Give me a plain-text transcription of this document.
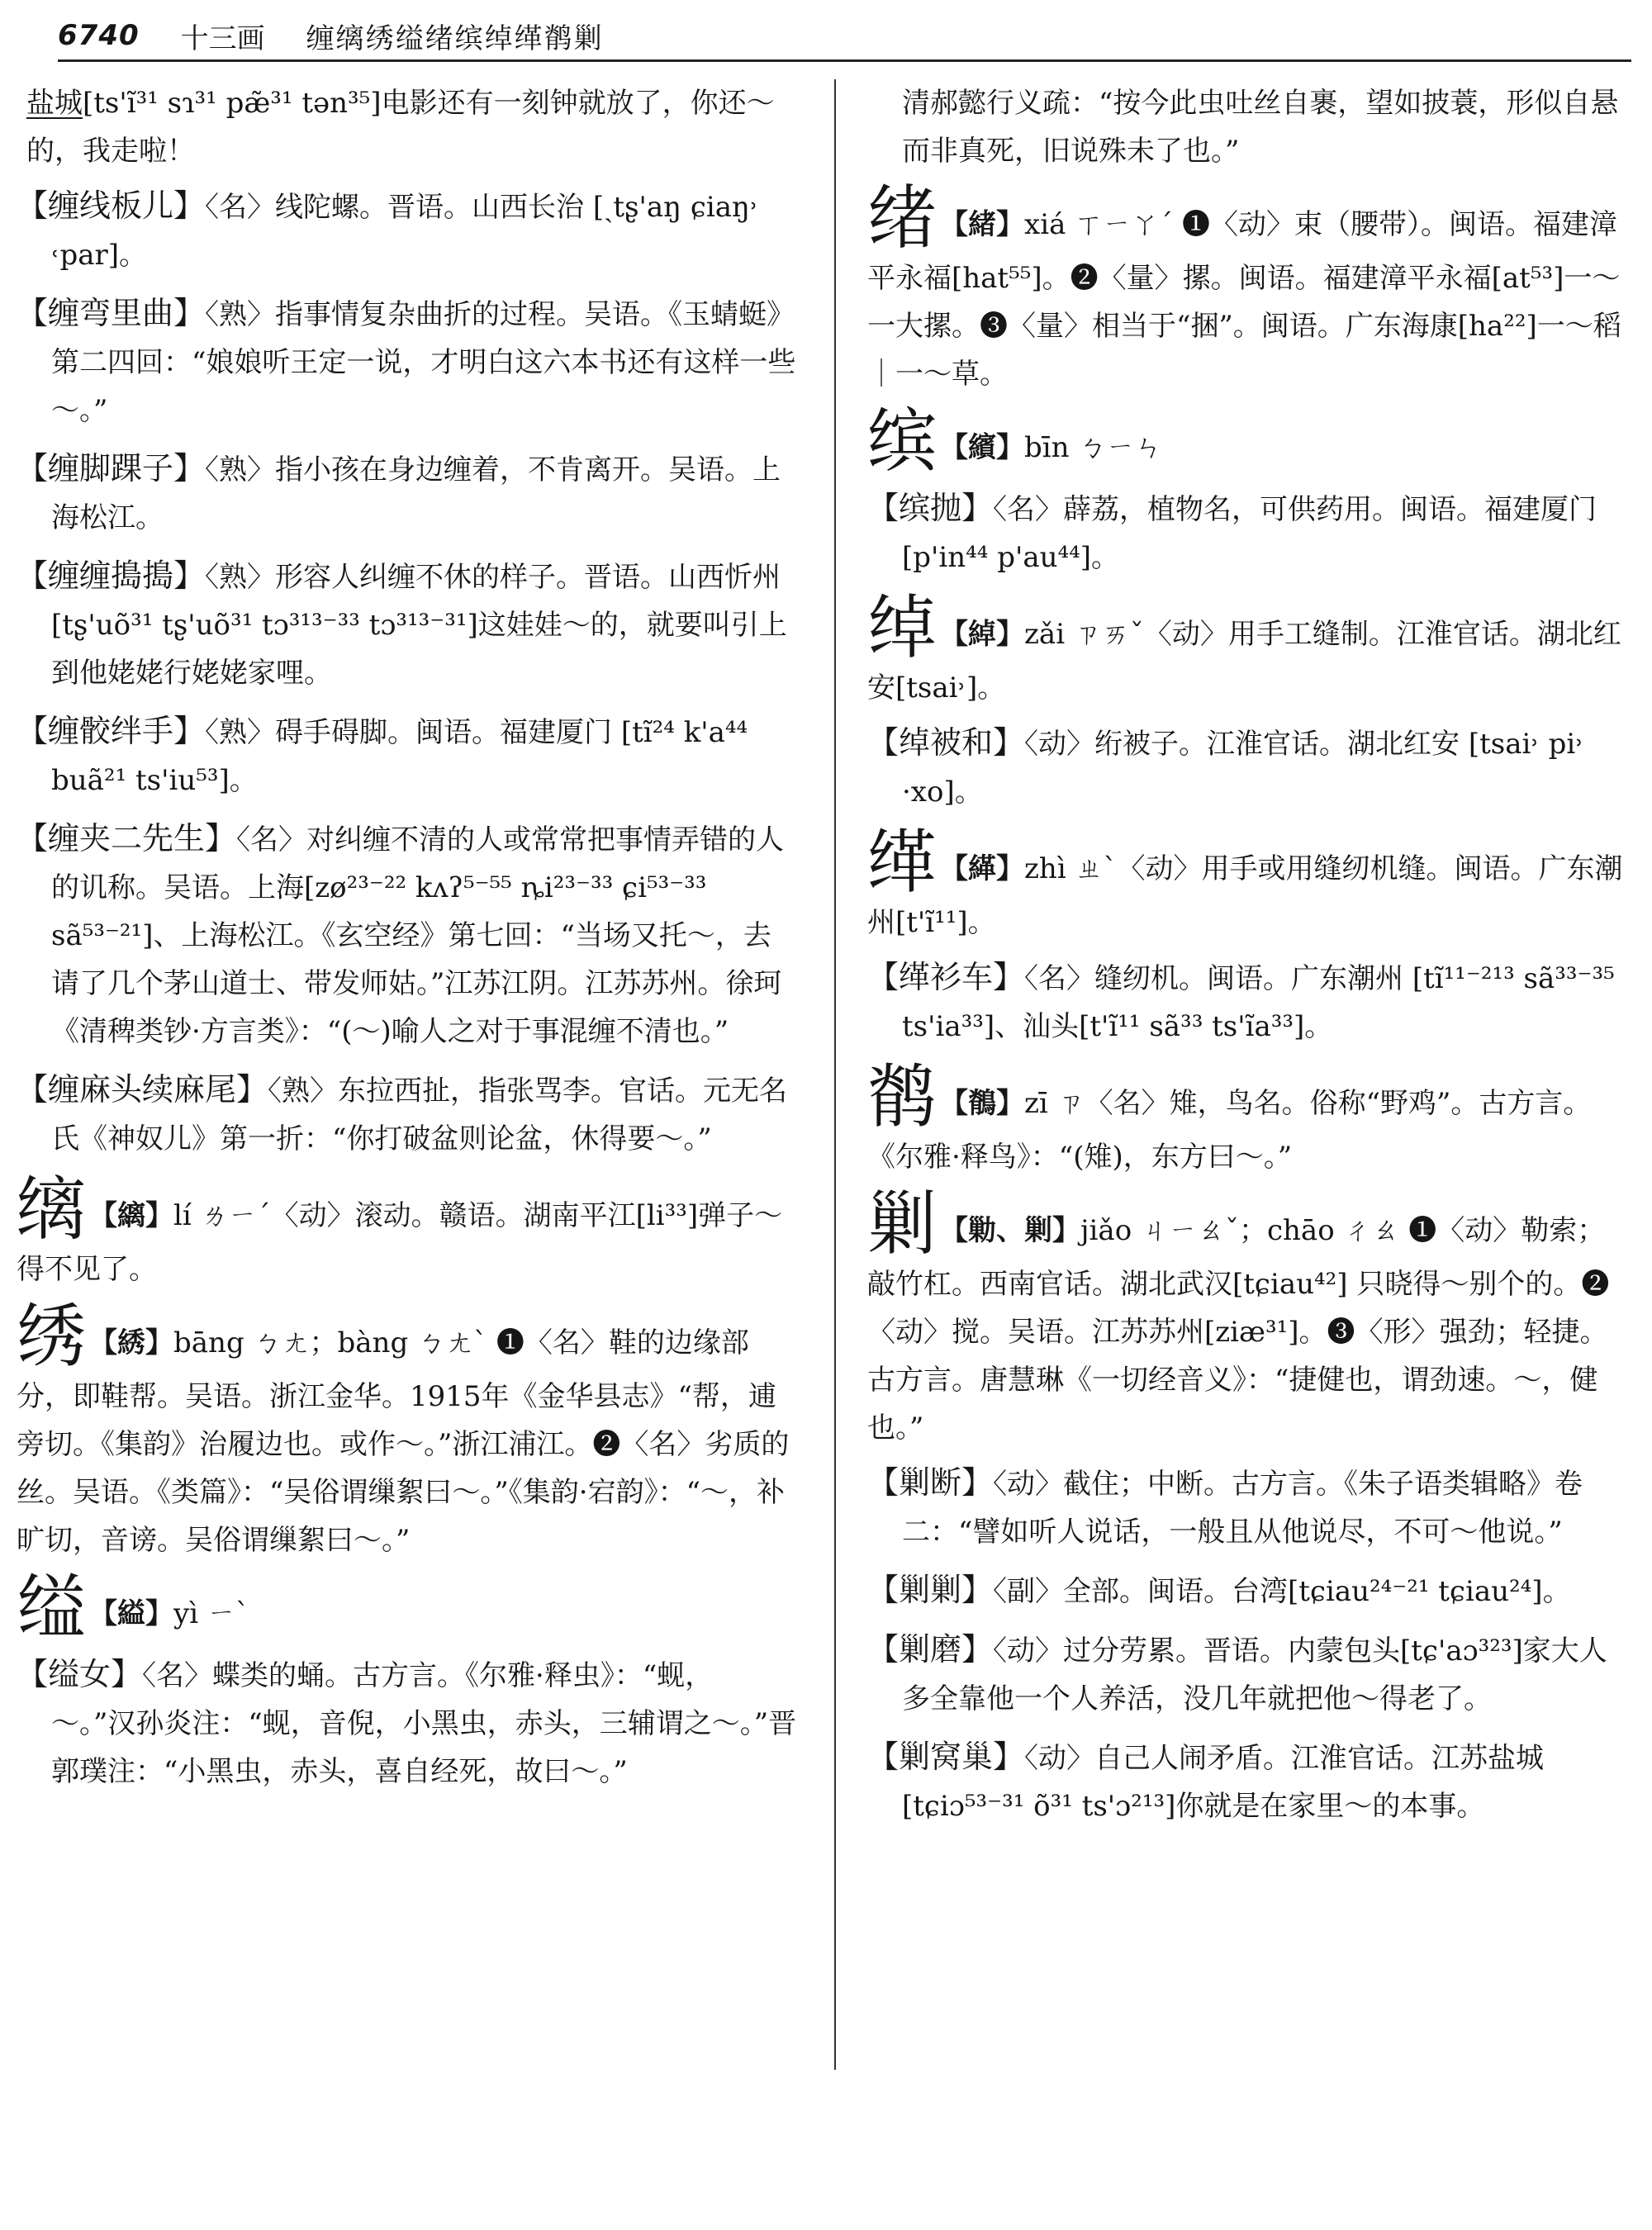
6740 十三画 缠缡绣缢绪缤绰缂鹡剿

盐城[ts'ĩ³¹ sɿ³¹ pæ̃³¹ tən³⁵]电影还有一刻钟就放了，你还～的，我走啦！

【缠线板儿】〈名〉线陀螺。晋语。山西长治 [ˏtʂ'aŋ ɕiaŋ˒ ˓par]。

【缠弯里曲】〈熟〉指事情复杂曲折的过程。吴语。《玉蜻蜓》第二四回：“娘娘听王定一说，才明白这六本书还有这样一些～。”

【缠脚踝子】〈熟〉指小孩在身边缠着，不肯离开。吴语。上海松江。

【缠缠搗搗】〈熟〉形容人纠缠不休的样子。晋语。山西忻州[tʂ'uõ³¹ tʂ'uõ³¹ tɔ³¹³⁻³³ tɔ³¹³⁻³¹]这娃娃～的，就要叫引上到他姥姥行姥姥家哩。

【缠骹绊手】〈熟〉碍手碍脚。闽语。福建厦门 [tĩ²⁴ k'a⁴⁴ buã²¹ ts'iu⁵³]。

【缠夹二先生】〈名〉对纠缠不清的人或常常把事情弄错的人的讥称。吴语。上海[zø²³⁻²² kʌʔ⁵⁻⁵⁵ ȵi²³⁻³³ ɕi⁵³⁻³³ sã⁵³⁻²¹]、上海松江。《玄空经》第七回：“当场又托～，去请了几个茅山道士、带发师姑。”江苏江阴。江苏苏州。徐珂《清稗类钞·方言类》：“(～)喻人之对于事混缠不清也。”

【缠麻头续麻尾】〈熟〉东拉西扯，指张骂李。官话。元无名氏《神奴儿》第一折：“你打破盆则论盆，休得要～。”

缡 【縭】lí ㄌㄧˊ〈动〉滚动。赣语。湖南平江[li³³]弹子～得不见了。

绣 【綉】bāng ㄅㄤ；bàng ㄅㄤˋ ❶〈名〉鞋的边缘部分，即鞋帮。吴语。浙江金华。1915年《金华县志》“帮，逋旁切。《集韵》治履边也。或作～。”浙江浦江。❷〈名〉劣质的丝。吴语。《类篇》：“吴俗谓缫絮曰～。”《集韵·宕韵》：“～，补旷切，音谤。吴俗谓缫絮曰～。”

缢 【縊】yì ㄧˋ

【缢女】〈名〉蝶类的蛹。古方言。《尔雅·释虫》：“蚬，～。”汉孙炎注：“蚬，音倪，小黑虫，赤头，三辅谓之～。”晋郭璞注：“小黑虫，赤头，喜自经死，故曰～。”

清郝懿行义疏：“按今此虫吐丝自裹，望如披蓑，形似自悬而非真死，旧说殊未了也。”

绪 【緒】xiá ㄒㄧㄚˊ ❶〈动〉束（腰带）。闽语。福建漳平永福[hat⁵⁵]。❷〈量〉摞。闽语。福建漳平永福[at⁵³]一～一大摞。❸〈量〉相当于“捆”。闽语。广东海康[ha²²]一～稻｜一～草。

缤 【繽】bīn ㄅㄧㄣ

【缤抛】〈名〉薜荔，植物名，可供药用。闽语。福建厦门[p'in⁴⁴ p'au⁴⁴]。

绰 【綽】zǎi ㄗㄞˇ〈动〉用手工缝制。江淮官话。湖北红安[tsai˒]。

【绰被和】〈动〉绗被子。江淮官话。湖北红安 [tsai˒ pi˒ ·xo]。

缂 【緙】zhì ㄓˋ〈动〉用手或用缝纫机缝。闽语。广东潮州[t'ĩ¹¹]。

【缂衫车】〈名〉缝纫机。闽语。广东潮州 [tĩ¹¹⁻²¹³ sã³³⁻³⁵ ts'ia³³]、汕头[t'ĩ¹¹ sã³³ ts'ĩa³³]。

鹡 【鶺】zī ㄗ〈名〉雉，鸟名。俗称“野鸡”。古方言。《尔雅·释鸟》：“(雉)，东方曰～。”

剿 【勦、剿】jiǎo ㄐㄧㄠˇ；chāo ㄔㄠ ❶〈动〉勒索；敲竹杠。西南官话。湖北武汉[tɕiau⁴²] 只晓得～别个的。❷〈动〉搅。吴语。江苏苏州[ziæ³¹]。❸〈形〉强劲；轻捷。古方言。唐慧琳《一切经音义》：“捷健也，谓劲速。～，健也。”

【剿断】〈动〉截住；中断。古方言。《朱子语类辑略》卷二：“譬如听人说话，一般且从他说尽，不可～他说。”

【剿剿】〈副〉全部。闽语。台湾[tɕiau²⁴⁻²¹ tɕiau²⁴]。

【剿磨】〈动〉过分劳累。晋语。内蒙包头[tɕ'aɔ³²³]家大人多全靠他一个人养活，没几年就把他～得老了。

【剿窝巢】〈动〉自己人闹矛盾。江淮官话。江苏盐城 [tɕiɔ⁵³⁻³¹ õ³¹ ts'ɔ²¹³]你就是在家里～的本事。
